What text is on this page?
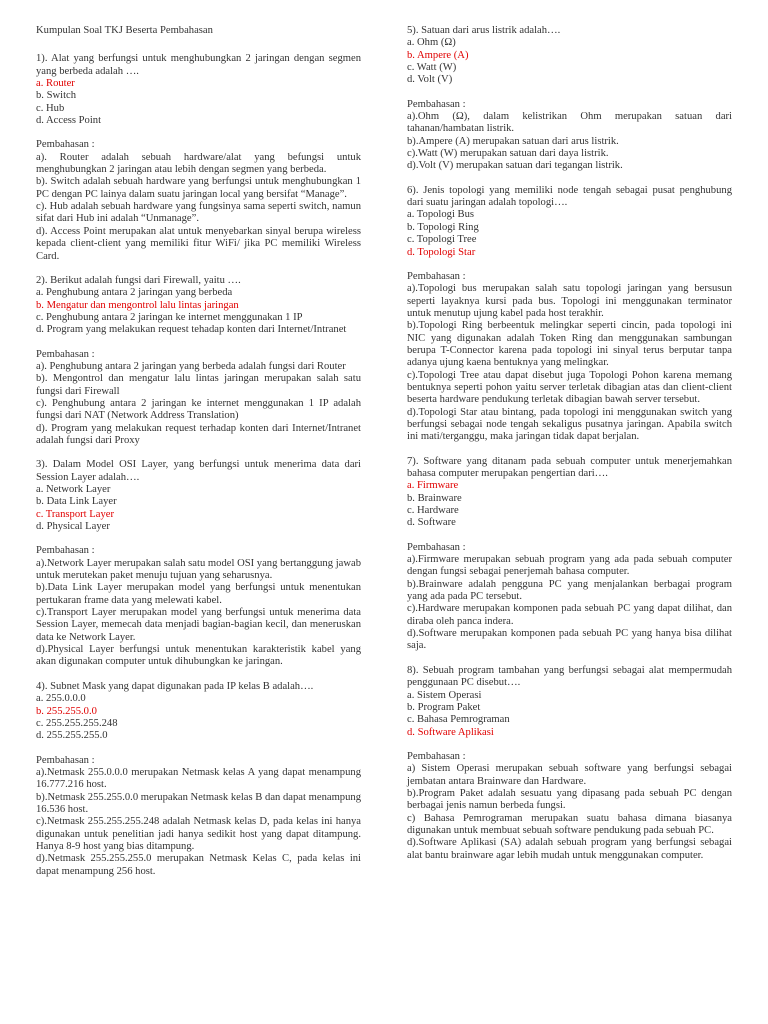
Kumpulan Soal TKJ Beserta Pembahasan

1). Alat yang berfungsi untuk menghubungkan 2 jaringan dengan segmen yang berbeda adalah ….

a. Router

b. Switch

c. Hub

d. Access Point

Pembahasan :

a). Router adalah sebuah hardware/alat yang befungsi untuk menghubungkan 2 jaringan atau lebih dengan segmen yang berbeda.

b). Switch adalah sebuah hardware yang berfungsi untuk menghubungkan 1 PC dengan PC lainya dalam suatu jaringan local yang bersifat “Manage”.

c). Hub adalah sebuah hardware yang fungsinya sama seperti switch, namun sifat dari Hub ini adalah “Unmanage”.

d). Access Point merupakan alat untuk menyebarkan sinyal berupa wireless kepada client-client yang memiliki fitur WiFi/ jika PC memiliki Wireless Card.

2). Berikut adalah fungsi dari Firewall, yaitu ….

a. Penghubung antara 2 jaringan yang berbeda

b. Mengatur dan mengontrol lalu lintas jaringan

c. Penghubung antara 2 jaringan ke internet menggunakan 1 IP

d. Program yang melakukan request tehadap konten dari Internet/Intranet

Pembahasan :

a). Penghubung antara 2 jaringan yang berbeda adalah fungsi dari Router

b). Mengontrol dan mengatur lalu lintas jaringan merupakan salah satu fungsi dari Firewall

c). Penghubung antara 2 jaringan ke internet menggunakan 1 IP adalah fungsi dari NAT (Network Address Translation)

d). Program yang melakukan request terhadap konten dari Internet/Intranet adalah fungsi dari Proxy

3). Dalam Model OSI Layer, yang berfungsi untuk menerima data dari Session Layer adalah….

a. Network Layer

b. Data Link Layer

c. Transport Layer

d. Physical Layer

Pembahasan :

a).Network Layer merupakan salah satu model OSI yang bertanggung jawab untuk merutekan paket menuju tujuan yang seharusnya.

b).Data Link Layer merupakan model yang berfungsi untuk menentukan pertukaran frame data yang melewati kabel.

c).Transport Layer merupakan model yang berfungsi untuk menerima data Session Layer, memecah data menjadi bagian-bagian kecil, dan meneruskan data ke Network Layer.

d).Physical Layer berfungsi untuk menentukan karakteristik kabel yang akan digunakan computer untuk dihubungkan ke jaringan.

4). Subnet Mask yang dapat digunakan pada IP kelas B adalah….

a. 255.0.0.0

b. 255.255.0.0

c. 255.255.255.248

d. 255.255.255.0

Pembahasan :

a).Netmask 255.0.0.0 merupakan Netmask kelas A yang dapat menampung 16.777.216 host.

b).Netmask 255.255.0.0 merupakan Netmask kelas B dan dapat menampung 16.536 host.

c).Netmask 255.255.255.248 adalah Netmask kelas D, pada kelas ini hanya digunakan untuk penelitian jadi hanya sedikit host yang dapat ditampung. Hanya 8-9 host yang bias ditampung.

d).Netmask 255.255.255.0 merupakan Netmask Kelas C, pada kelas ini dapat menampung 256 host.

5). Satuan dari arus listrik adalah….

a. Ohm (Ω)

b. Ampere (A)

c. Watt (W)

d. Volt (V)

Pembahasan :

a).Ohm (Ω), dalam kelistrikan Ohm merupakan satuan dari tahanan/hambatan listrik.

b).Ampere (A) merupakan satuan dari arus listrik.

c).Watt (W) merupakan satuan dari daya listrik.

d).Volt (V) merupakan satuan dari tegangan listrik.

6). Jenis topologi yang memiliki node tengah sebagai pusat penghubung dari suatu jaringan adalah topologi….

a. Topologi Bus

b. Topologi Ring

c. Topologi Tree

d. Topologi Star

Pembahasan :

a).Topologi bus merupakan salah satu topologi jaringan yang bersusun seperti layaknya kursi pada bus. Topologi ini menggunakan terminator untuk menutup ujung kabel pada host terakhir.

b).Topologi Ring berbeentuk melingkar seperti cincin, pada topologi ini NIC yang digunakan adalah Token Ring dan menggunakan sambungan berupa T-Connector karena pada topologi ini sinyal terus berputar tanpa adanya ujung kaena bentuknya yang melingkar.

c).Topologi Tree atau dapat disebut juga Topologi Pohon karena memang bentuknya seperti pohon yaitu server terletak dibagian atas dan client-client beserta hardware pendukung terletak dibagian bawah server tersebut.

d).Topologi Star atau bintang, pada topologi ini menggunakan switch yang berfungsi sebagai node tengah sekaligus pusatnya jaringan. Apabila switch ini mati/terganggu, maka jaringan tidak dapat berjalan.

7). Software yang ditanam pada sebuah computer untuk menerjemahkan bahasa computer merupakan pengertian dari….

a. Firmware

b. Brainware

c. Hardware

d. Software

Pembahasan :

a).Firmware merupakan sebuah program yang ada pada sebuah computer dengan fungsi sebagai penerjemah bahasa computer.

b).Brainware adalah pengguna PC yang menjalankan berbagai program yang ada pada PC tersebut.

c).Hardware merupakan komponen pada sebuah PC yang dapat dilihat, dan diraba oleh panca indera.

d).Software merupakan komponen pada sebuah PC yang hanya bisa dilihat saja.

8). Sebuah program tambahan yang berfungsi sebagai alat mempermudah penggunaan PC disebut….

a. Sistem Operasi

b. Program Paket

c. Bahasa Pemrograman

d. Software Aplikasi

Pembahasan :

a) Sistem Operasi merupakan sebuah software yang berfungsi sebagai jembatan antara Brainware dan Hardware.

b).Program Paket adalah sesuatu yang dipasang pada sebuah PC dengan berbagai jenis namun berbeda fungsi.

c) Bahasa Pemrograman merupakan suatu bahasa dimana biasanya digunakan untuk membuat sebuah software pendukung pada sebuah PC.

d).Software Aplikasi (SA) adalah sebuah program yang berfungsi sebagai alat bantu brainware agar lebih mudah untuk menggunakan computer.
